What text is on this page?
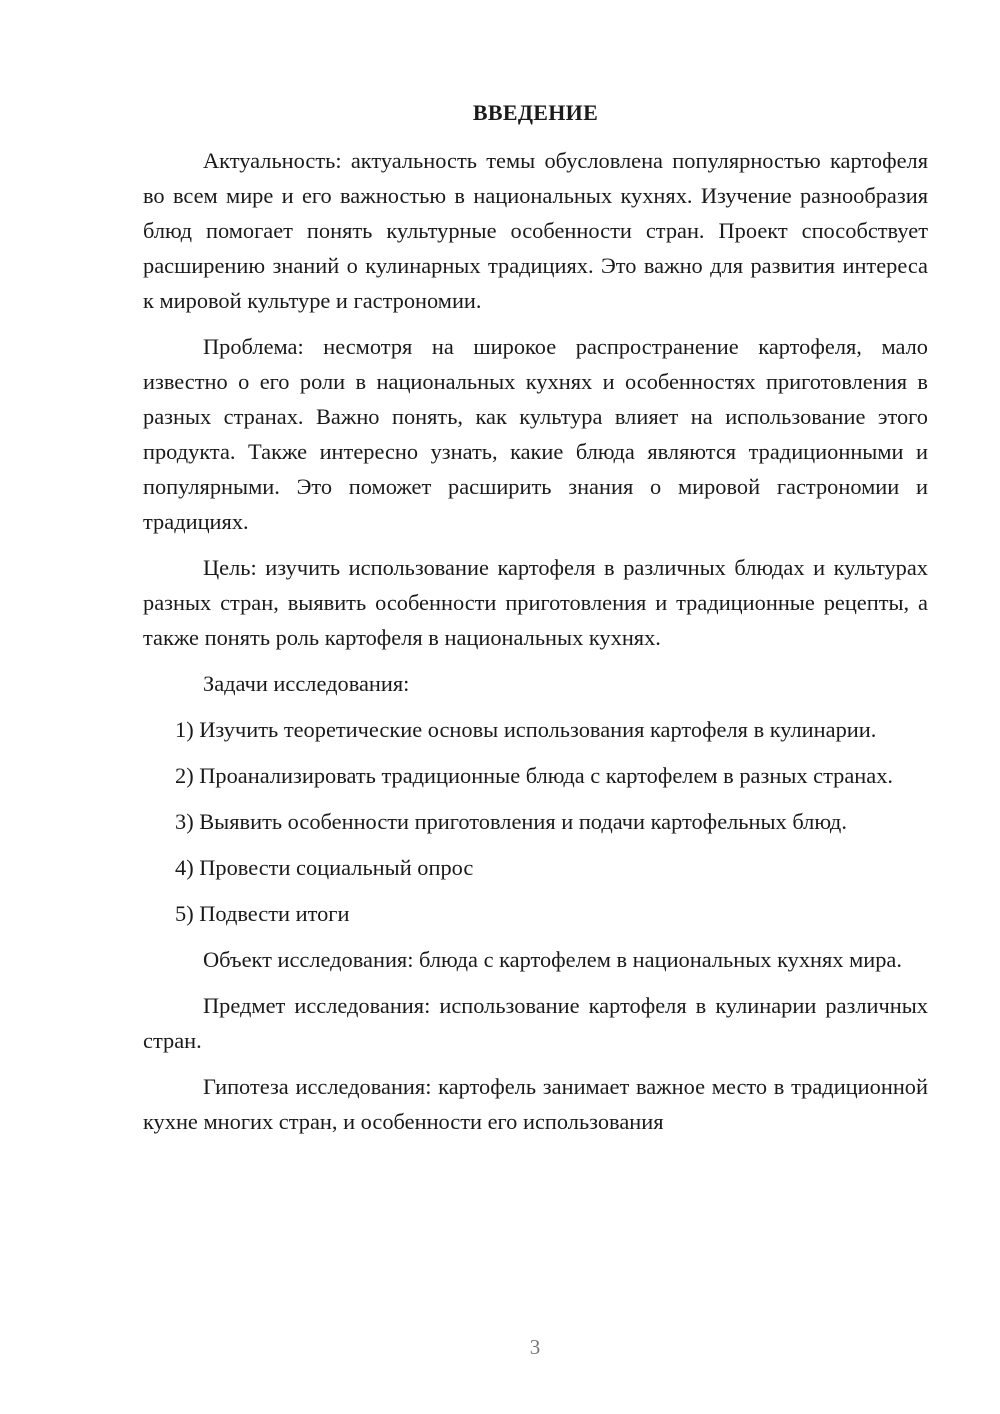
ВВЕДЕНИЕ

Актуальность: актуальность темы обусловлена популярностью картофеля во всем мире и его важностью в национальных кухнях. Изучение разнообразия блюд помогает понять культурные особенности стран. Проект способствует расширению знаний о кулинарных традициях. Это важно для развития интереса к мировой культуре и гастрономии.

Проблема: несмотря на широкое распространение картофеля, мало известно о его роли в национальных кухнях и особенностях приготовления в разных странах. Важно понять, как культура влияет на использование этого продукта. Также интересно узнать, какие блюда являются традиционными и популярными. Это поможет расширить знания о мировой гастрономии и традициях.

Цель: изучить использование картофеля в различных блюдах и культурах разных стран, выявить особенности приготовления и традиционные рецепты, а также понять роль картофеля в национальных кухнях.

Задачи исследования:

1) Изучить теоретические основы использования картофеля в кулинарии.

2) Проанализировать традиционные блюда с картофелем в разных странах.

3) Выявить особенности приготовления и подачи картофельных блюд.

4) Провести социальный опрос

5) Подвести итоги

Объект исследования: блюда с картофелем в национальных кухнях мира.

Предмет исследования: использование картофеля в кулинарии различных стран.

Гипотеза исследования: картофель занимает важное место в традиционной кухне многих стран, и особенности его использования

3
